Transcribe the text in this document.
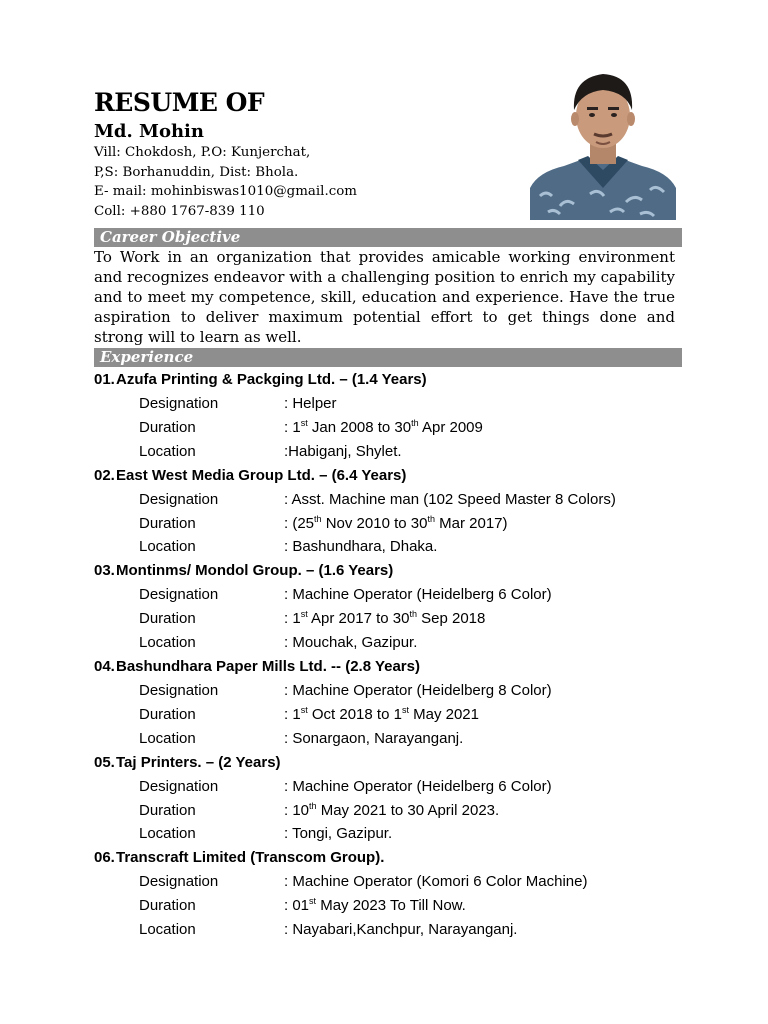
RESUME OF
Md. Mohin
Vill: Chokdosh, P.O: Kunjerchat,
P,S: Borhanuddin, Dist: Bhola.
E- mail: mohinbiswas1010@gmail.com
Coll: +880 1767-839 110
Career Objective

To Work in an organization that provides amicable working environment and recognizes endeavor with a challenging position to enrich my capability and to meet my competence, skill, education and experience. Have the true aspiration to deliver maximum potential effort to get things done and strong will to learn as well.

Experience
01.Azufa Printing & Packging Ltd. – (1.4 Years)
Designation	: Helper
Duration	: 1st Jan 2008 to 30th Apr 2009
Location	:Habiganj, Shylet.
02.East West Media Group Ltd. – (6.4 Years)
Designation	: Asst. Machine man (102 Speed Master 8 Colors)
Duration	: (25th Nov 2010 to 30th Mar 2017)
Location	: Bashundhara, Dhaka.
03.Montinms/ Mondol Group. – (1.6 Years)
Designation	: Machine Operator (Heidelberg 6 Color)
Duration	: 1st Apr 2017 to 30th Sep 2018
Location	: Mouchak, Gazipur.
04.Bashundhara Paper Mills Ltd. -- (2.8 Years)
Designation	: Machine Operator (Heidelberg 8 Color)
Duration	: 1st Oct 2018 to 1st May 2021
Location	: Sonargaon, Narayanganj.
05.Taj Printers. – (2 Years)
Designation	: Machine Operator (Heidelberg 6 Color)
Duration	: 10th May 2021 to 30 April 2023.
Location	: Tongi, Gazipur.
06.Transcraft Limited (Transcom Group).
Designation	: Machine Operator (Komori 6 Color Machine)
Duration	: 01st May 2023 To Till Now.
Location	: Nayabari,Kanchpur, Narayanganj.
